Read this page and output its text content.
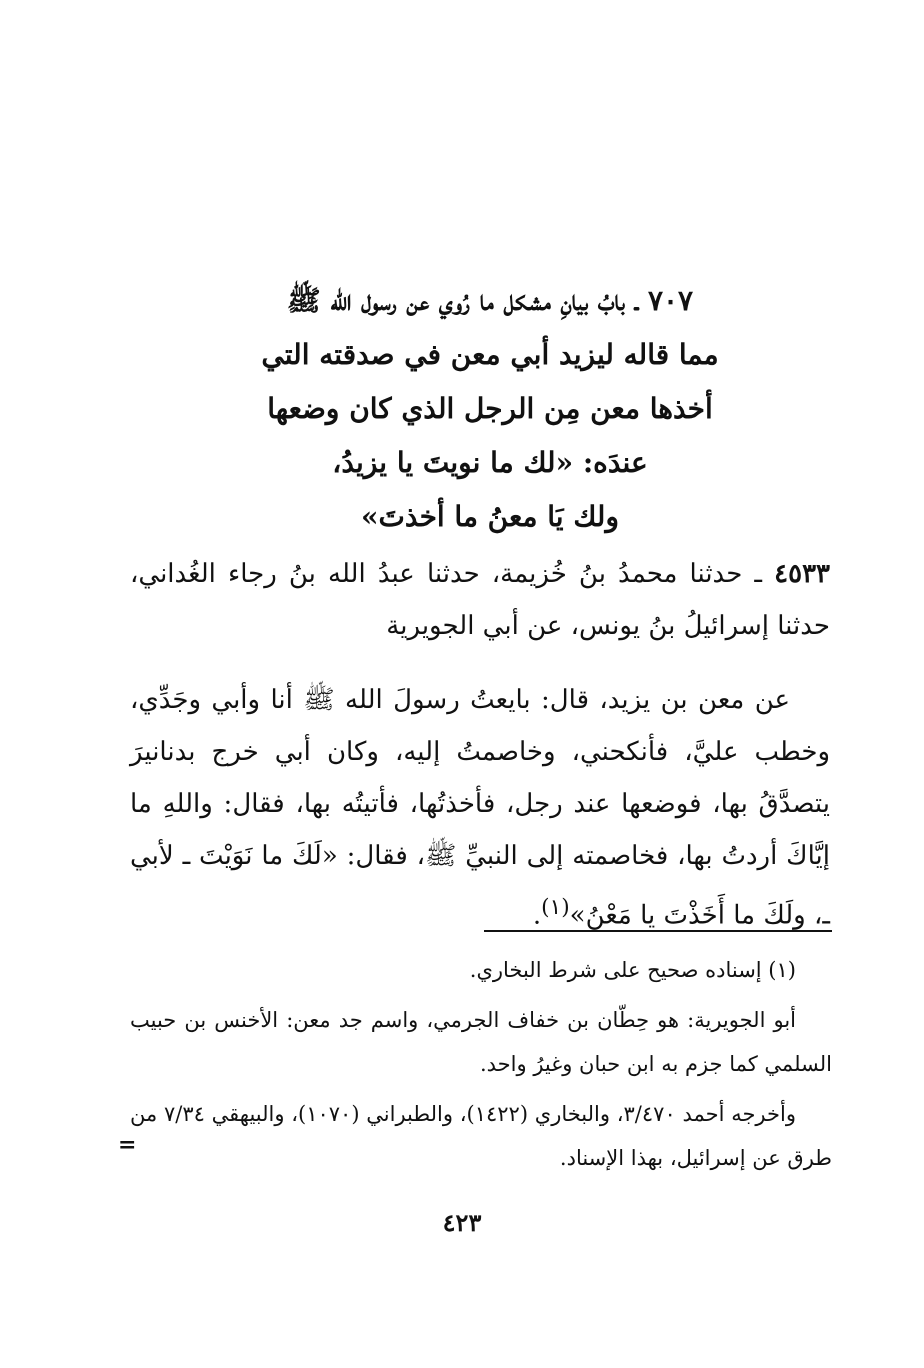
٧٠٧ ـ بابُ بيانِ مشكل ما رُوي عن رسول الله ﷺ
مما قاله ليزيد أبي معن في صدقته التي
أخذها معن مِن الرجل الذي كان وضعها
عندَه: «لك ما نويتَ يا يزيدُ،
ولك يَا معنُ ما أخذتَ»
٤٥٣٣ ـ حدثنا محمدُ بنُ خُزيمة، حدثنا عبدُ الله بنُ رجاء الغُداني، حدثنا إسرائيلُ بنُ يونس، عن أبي الجويرية
عن معن بن يزيد، قال: بايعتُ رسولَ الله ﷺ أنا وأبي وجَدِّي، وخطب عليَّ، فأنكحني، وخاصمتُ إليه، وكان أبي خرج بدنانيرَ يتصدَّقُ بها، فوضعها عند رجل، فأخذتُها، فأتيتُه بها، فقال: واللهِ ما إيَّاكَ أردتُ بها، فخاصمته إلى النبيِّ ﷺ، فقال: «لَكَ ما نَوَيْتَ ـ لأبي ـ، ولَكَ ما أَخَذْتَ يا مَعْنُ»$^{(١)}$.

(١) إسناده صحيح على شرط البخاري.

أبو الجويرية: هو حِطّان بن خفاف الجرمي، واسم جد معن: الأخنس بن حبيب السلمي كما جزم به ابن حبان وغيرُ واحد.

وأخرجه أحمد ٣/٤٧٠، والبخاري (١٤٢٢)، والطبراني (١٠٧٠)، والبيهقي ٧/٣٤ من طرق عن إسرائيل، بهذا الإسناد.

=
٤٢٣
